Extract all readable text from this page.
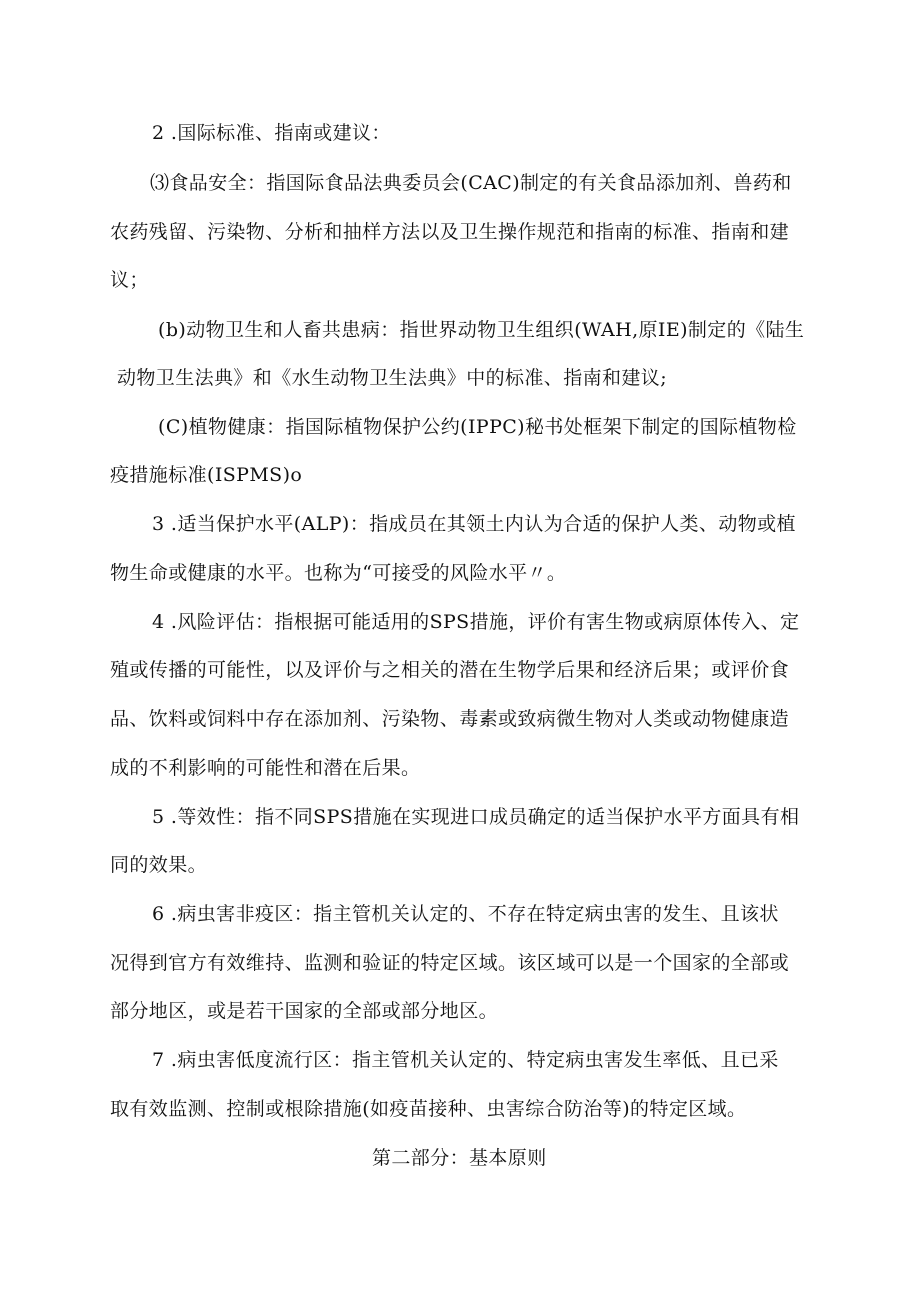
2 .国际标准、指南或建议：
⑶食品安全：指国际食品法典委员会(CAC)制定的有关食品添加剂、兽药和
农药残留、污染物、分析和抽样方法以及卫生操作规范和指南的标准、指南和建
议；
(b)动物卫生和人畜共患病：指世界动物卫生组织(WAH,原IE)制定的《陆生
动物卫生法典》和《水生动物卫生法典》中的标准、指南和建议;
(C)植物健康：指国际植物保护公约(IPPC)秘书处框架下制定的国际植物检
疫措施标准(ISPMS)o
3 .适当保护水平(ALP)：指成员在其领土内认为合适的保护人类、动物或植
物生命或健康的水平。也称为“可接受的风险水平〃。
4 .风险评估：指根据可能适用的SPS措施，评价有害生物或病原体传入、定
殖或传播的可能性，以及评价与之相关的潜在生物学后果和经济后果；或评价食
品、饮料或饲料中存在添加剂、污染物、毒素或致病微生物对人类或动物健康造
成的不利影响的可能性和潜在后果。
5 .等效性：指不同SPS措施在实现进口成员确定的适当保护水平方面具有相
同的效果。
6 .病虫害非疫区：指主管机关认定的、不存在特定病虫害的发生、且该状
况得到官方有效维持、监测和验证的特定区域。该区域可以是一个国家的全部或
部分地区，或是若干国家的全部或部分地区。
7 .病虫害低度流行区：指主管机关认定的、特定病虫害发生率低、且已采
取有效监测、控制或根除措施(如疫苗接种、虫害综合防治等)的特定区域。
第二部分：基本原则
